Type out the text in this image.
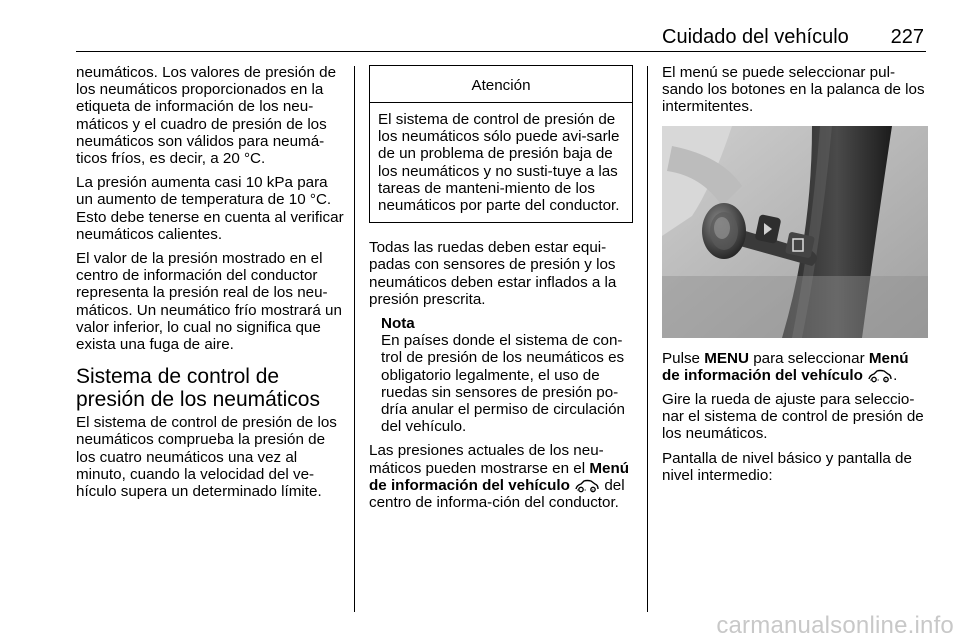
Cuidado del vehículo 227

neumáticos. Los valores de presión de los neumáticos proporcionados en la etiqueta de información de los neu-máticos y el cuadro de presión de los neumáticos son válidos para neumá-ticos fríos, es decir, a 20 °C.

La presión aumenta casi 10 kPa para un aumento de temperatura de 10 °C. Esto debe tenerse en cuenta al verificar neumáticos calientes.

El valor de la presión mostrado en el centro de información del conductor representa la presión real de los neu-máticos. Un neumático frío mostrará un valor inferior, lo cual no significa que exista una fuga de aire.

Sistema de control de presión de los neumáticos

El sistema de control de presión de los neumáticos comprueba la presión de los cuatro neumáticos una vez al minuto, cuando la velocidad del ve-hículo supera un determinado límite.

Atención

El sistema de control de presión de los neumáticos sólo puede avi-sarle de un problema de presión baja de los neumáticos y no susti-tuye a las tareas de manteni-miento de los neumáticos por parte del conductor.

Todas las ruedas deben estar equi-padas con sensores de presión y los neumáticos deben estar inflados a la presión prescrita.

Nota
En países donde el sistema de con-trol de presión de los neumáticos es obligatorio legalmente, el uso de ruedas sin sensores de presión po-dría anular el permiso de circulación del vehículo.

Las presiones actuales de los neu-máticos pueden mostrarse en el Menú de información del vehículo del centro de informa-ción del conductor.

El menú se puede seleccionar pul-sando los botones en la palanca de los intermitentes.

Pulse MENU para seleccionar Menú de información del vehículo .

Gire la rueda de ajuste para seleccio-nar el sistema de control de presión de los neumáticos.

Pantalla de nivel básico y pantalla de nivel intermedio:

carmanualsonline.info
